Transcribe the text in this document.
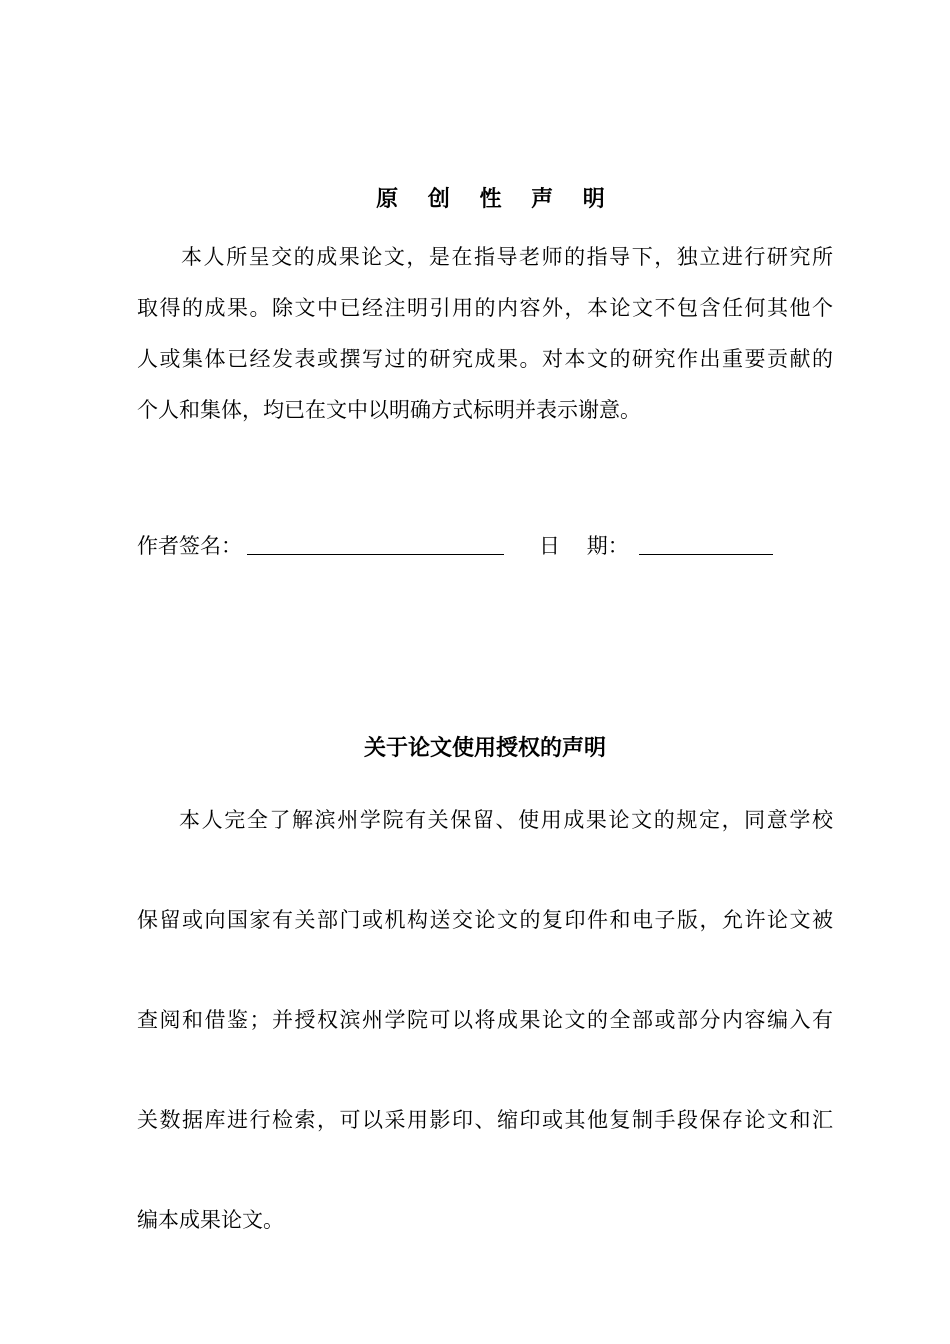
原 创 性 声 明
本人所呈交的成果论文，是在指导老师的指导下，独立进行研究所
取得的成果。除文中已经注明引用的内容外，本论文不包含任何其他个
人或集体已经发表或撰写过的研究成果。对本文的研究作出重要贡献的
个人和集体，均已在文中以明确方式标明并表示谢意。
作者签名：	日    期：
关于论文使用授权的声明
本人完全了解滨州学院有关保留、使用成果论文的规定，同意学校
保留或向国家有关部门或机构送交论文的复印件和电子版，允许论文被
查阅和借鉴；并授权滨州学院可以将成果论文的全部或部分内容编入有
关数据库进行检索，可以采用影印、缩印或其他复制手段保存论文和汇
编本成果论文。
